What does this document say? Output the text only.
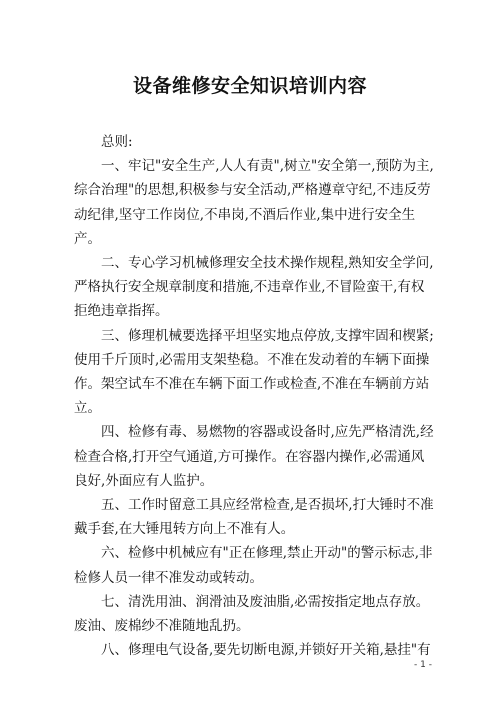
设备维修安全知识培训内容

总则:

一、牢记"安全生产,人人有责",树立"安全第一,预防为主,综合治理"的思想,积极参与安全活动,严格遵章守纪,不违反劳动纪律,坚守工作岗位,不串岗,不酒后作业,集中进行安全生产。

二、专心学习机械修理安全技术操作规程,熟知安全学问,严格执行安全规章制度和措施,不违章作业,不冒险蛮干,有权拒绝违章指挥。

三、修理机械要选择平坦坚实地点停放,支撑牢固和楔紧;使用千斤顶时,必需用支架垫稳。不准在发动着的车辆下面操作。架空试车不准在车辆下面工作或检查,不准在车辆前方站立。

四、检修有毒、易燃物的容器或设备时,应先严格清洗,经检查合格,打开空气通道,方可操作。在容器内操作,必需通风良好,外面应有人监护。

五、工作时留意工具应经常检查,是否损坏,打大锤时不准戴手套,在大锤甩转方向上不准有人。

六、检修中机械应有"正在修理,禁止开动"的警示标志,非检修人员一律不准发动或转动。

七、清洗用油、润滑油及废油脂,必需按指定地点存放。废油、废棉纱不准随地乱扔。

八、修理电气设备,要先切断电源,并锁好开关箱,悬挂"有

- 1 -
